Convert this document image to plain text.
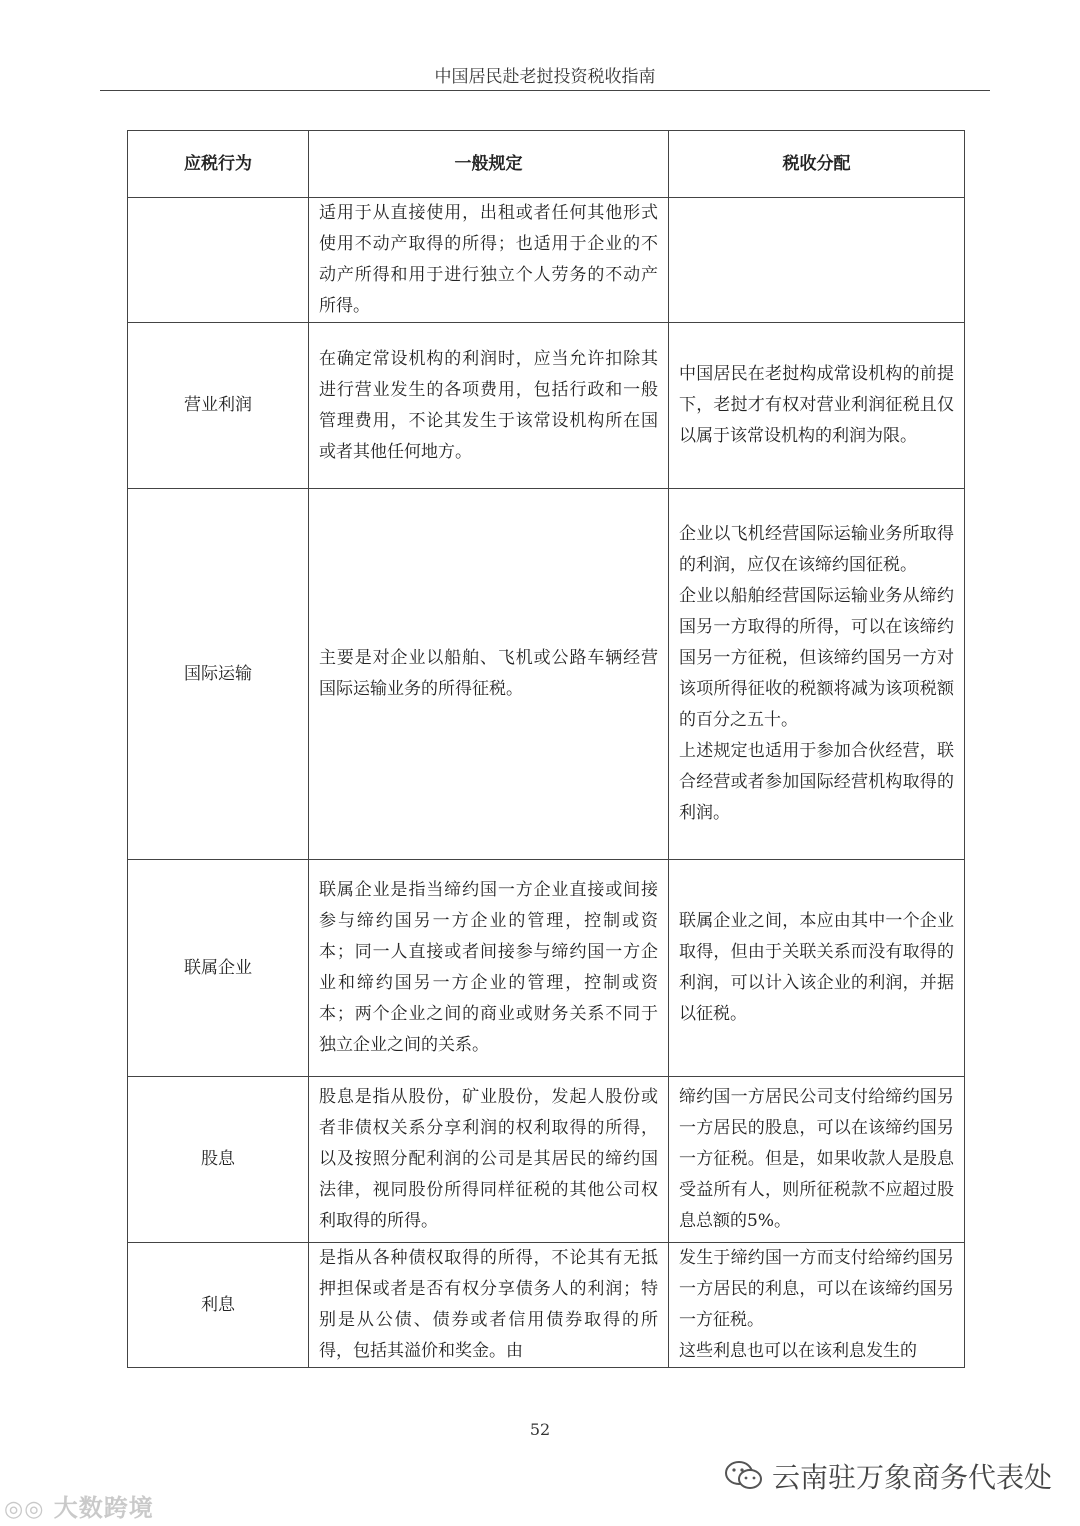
中国居民赴老挝投资税收指南
应税行为	一般规定	税收分配

	适用于从直接使用，出租或者任何其他形式使用不动产取得的所得；也适用于企业的不动产所得和用于进行独立个人劳务的不动产所得。	

营业利润	在确定常设机构的利润时，应当允许扣除其进行营业发生的各项费用，包括行政和一般管理费用，不论其发生于该常设机构所在国或者其他任何地方。	中国居民在老挝构成常设机构的前提下，老挝才有权对营业利润征税且仅以属于该常设机构的利润为限。

国际运输	主要是对企业以船舶、飞机或公路车辆经营国际运输业务的所得征税。	企业以飞机经营国际运输业务所取得的利润，应仅在该缔约国征税。
企业以船舶经营国际运输业务从缔约国另一方取得的所得，可以在该缔约国另一方征税，但该缔约国另一方对该项所得征收的税额将减为该项税额的百分之五十。
上述规定也适用于参加合伙经营，联合经营或者参加国际经营机构取得的利润。

联属企业	联属企业是指当缔约国一方企业直接或间接参与缔约国另一方企业的管理，控制或资本；同一人直接或者间接参与缔约国一方企业和缔约国另一方企业的管理，控制或资本；两个企业之间的商业或财务关系不同于独立企业之间的关系。	联属企业之间，本应由其中一个企业取得，但由于关联关系而没有取得的利润，可以计入该企业的利润，并据以征税。

股息	股息是指从股份，矿业股份，发起人股份或者非债权关系分享利润的权利取得的所得，以及按照分配利润的公司是其居民的缔约国法律，视同股份所得同样征税的其他公司权利取得的所得。	缔约国一方居民公司支付给缔约国另一方居民的股息，可以在该缔约国另一方征税。但是，如果收款人是股息受益所有人，则所征税款不应超过股息总额的5%。

利息	是指从各种债权取得的所得，不论其有无抵押担保或者是否有权分享债务人的利润；特别是从公债、债券或者信用债券取得的所得，包括其溢价和奖金。由	发生于缔约国一方而支付给缔约国另一方居民的利息，可以在该缔约国另一方征税。
这些利息也可以在该利息发生的
52
◎◎ 大数跨境
云南驻万象商务代表处
